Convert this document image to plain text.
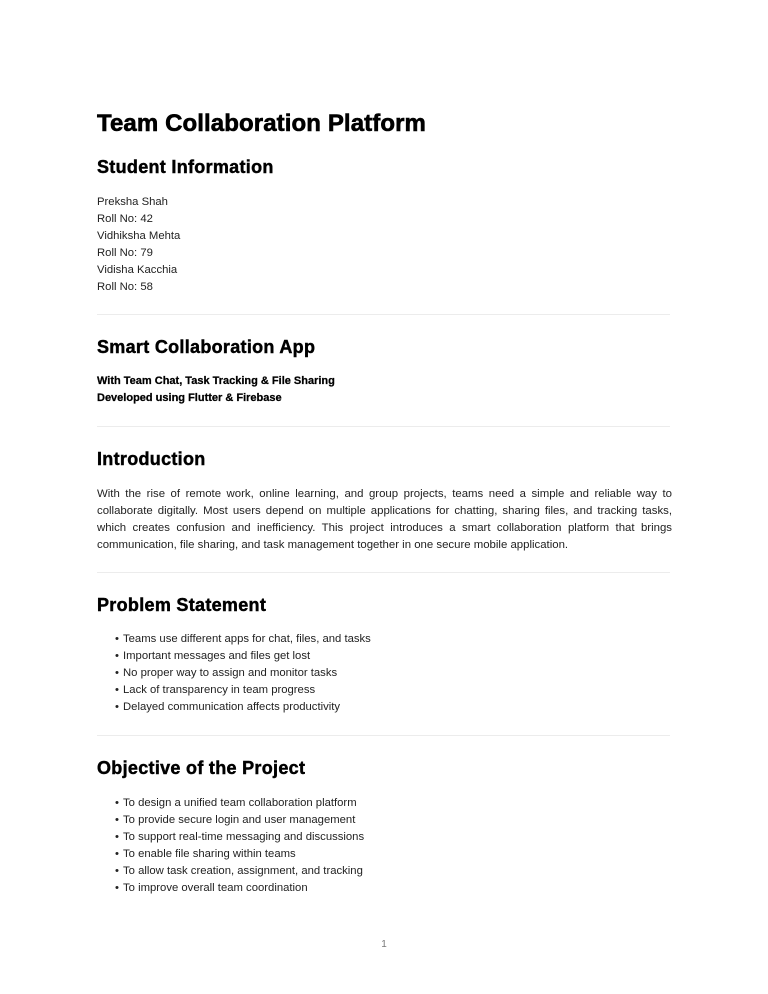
Team Collaboration Platform
Student Information
Preksha Shah
Roll No: 42
Vidhiksha Mehta
Roll No: 79
Vidisha Kacchia
Roll No: 58
Smart Collaboration App
With Team Chat, Task Tracking & File Sharing
Developed using Flutter & Firebase
Introduction

With the rise of remote work, online learning, and group projects, teams need a simple and reliable way to collaborate digitally. Most users depend on multiple applications for chatting, sharing files, and tracking tasks, which creates confusion and inefficiency. This project introduces a smart collaboration platform that brings communication, file sharing, and task management together in one secure mobile application.

Problem Statement
• Teams use different apps for chat, files, and tasks
• Important messages and files get lost
• No proper way to assign and monitor tasks
• Lack of transparency in team progress
• Delayed communication affects productivity
Objective of the Project
• To design a unified team collaboration platform
• To provide secure login and user management
• To support real-time messaging and discussions
• To enable file sharing within teams
• To allow task creation, assignment, and tracking
• To improve overall team coordination
1
